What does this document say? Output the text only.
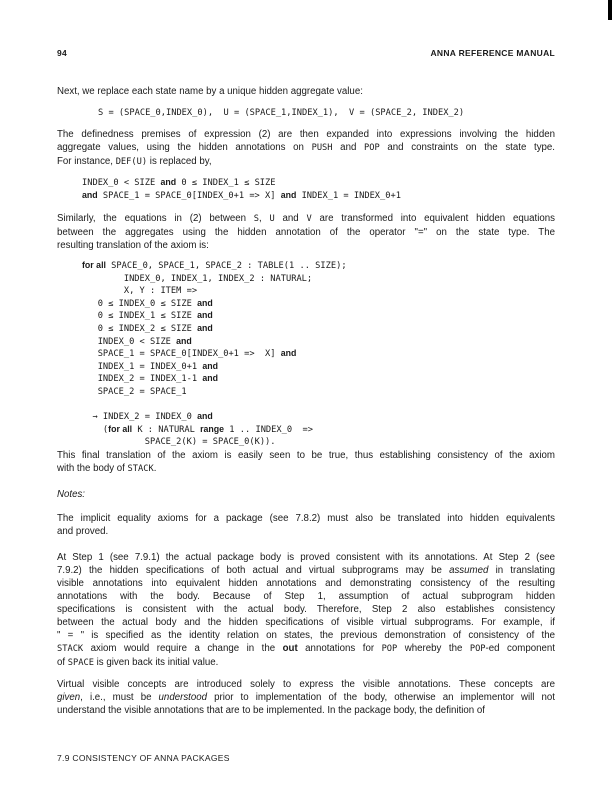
94	ANNA REFERENCE MANUAL
Next, we replace each state name by a unique hidden aggregate value:
S = (SPACE_0,INDEX_0),  U = (SPACE_1,INDEX_1),  V = (SPACE_2, INDEX_2)
The definedness premises of expression (2) are then expanded into expressions involving the hidden
aggregate values, using the hidden annotations on PUSH and POP and constraints on the state type.
For instance, DEF(U) is replaced by,
INDEX_0 < SIZE and 0 ≤ INDEX_1 ≤ SIZE
and SPACE_1 = SPACE_0[INDEX_0+1 => X] and INDEX_1 = INDEX_0+1
Similarly, the equations in (2) between S, U and V are transformed into equivalent hidden equations
between the aggregates using the hidden annotation of the operator "=" on the state type. The
resulting translation of the axiom is:
for all SPACE_0, SPACE_1, SPACE_2 : TABLE(1 .. SIZE);
INDEX_0, INDEX_1, INDEX_2 : NATURAL;
X, Y : ITEM =>
0 ≤ INDEX_0 ≤ SIZE and
0 ≤ INDEX_1 ≤ SIZE and
0 ≤ INDEX_2 ≤ SIZE and
INDEX_0 < SIZE and
SPACE_1 = SPACE_0[INDEX_0+1 =>  X] and
INDEX_1 = INDEX_0+1 and
INDEX_2 = INDEX_1-1 and
SPACE_2 = SPACE_1

→ INDEX_2 = INDEX_0 and
(for all K : NATURAL range 1 .. INDEX_0  =>
SPACE_2(K) = SPACE_0(K)).
This final translation of the axiom is easily seen to be true, thus establishing consistency of the axiom
with the body of STACK.
Notes:
The implicit equality axioms for a package (see 7.8.2) must also be translated into hidden equivalents
and proved.
At Step 1 (see 7.9.1) the actual package body is proved consistent with its annotations. At Step 2 (see
7.9.2) the hidden specifications of both actual and virtual subprograms may be assumed in translating
visible annotations into equivalent hidden annotations and demonstrating consistency of the resulting
annotations with the body. Because of Step 1, assumption of actual subprogram hidden
specifications is consistent with the actual body. Therefore, Step 2 also establishes consistency
between the actual body and the hidden specifications of visible virtual subprograms. For example, if
" = " is specified as the identity relation on states, the previous demonstration of consistency of the
STACK axiom would require a change in the out annotations for POP whereby the POP-ed component
of SPACE is given back its initial value.
Virtual visible concepts are introduced solely to express the visible annotations. These concepts are
given, i.e., must be understood prior to implementation of the body, otherwise an implementor will not
understand the visible annotations that are to be implemented. In the package body, the definition of
7.9 CONSISTENCY OF ANNA PACKAGES
